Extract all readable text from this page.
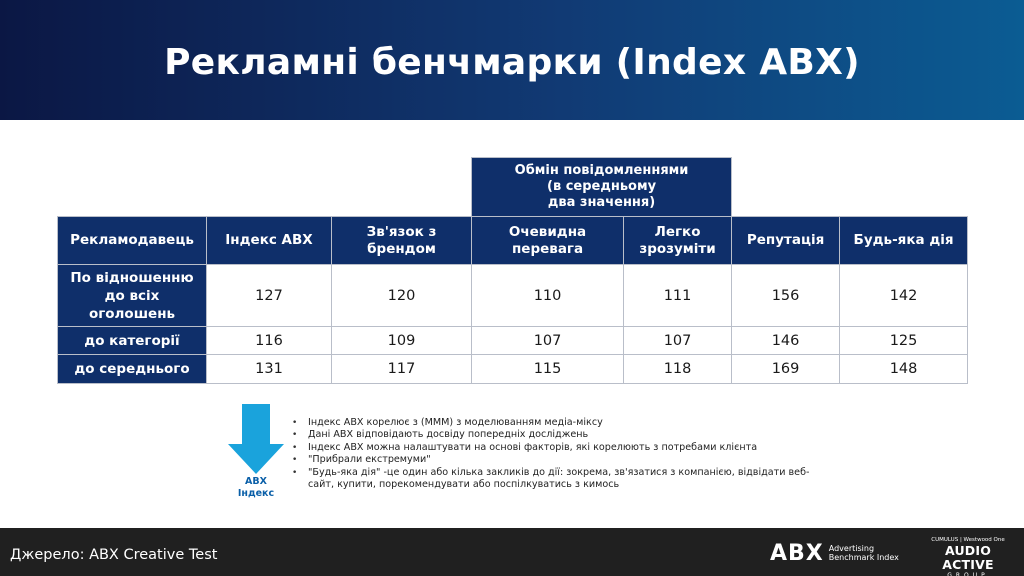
Рекламні бенчмарки (Index ABX)
			Обмін повідомленнями
(в середньому
два значення)			
Рекламодавець	Індекс ABX	Зв'язок з брендом	Очевидна перевага	Легко зрозуміти	Репутація	Будь-яка дія
По відношенню до всіх оголошень	127	120	110	111	156	142
до категорії	116	109	107	107	146	125
до середнього	131	117	115	118	169	148
ABX
Індекс
• Індекс ABX корелює з (MMM) з моделюванням медіа-міксу
• Дані ABX відповідають досвіду попередніх досліджень
• Індекс ABX можна налаштувати на основі факторів, які корелюють з потребами клієнта
• "Прибрали екстремуми"
• "Будь-яка дія" -це один або кілька закликів до дії: зокрема, зв'язатися з компанією, відвідати веб-сайт, купити, порекомендувати або поспілкуватись з кимось
Джерело: ABX Creative Test	ABX Advertising
Benchmark Index
CUMULUS | Westwood One
AUDIO ACTIVE
GROUP
